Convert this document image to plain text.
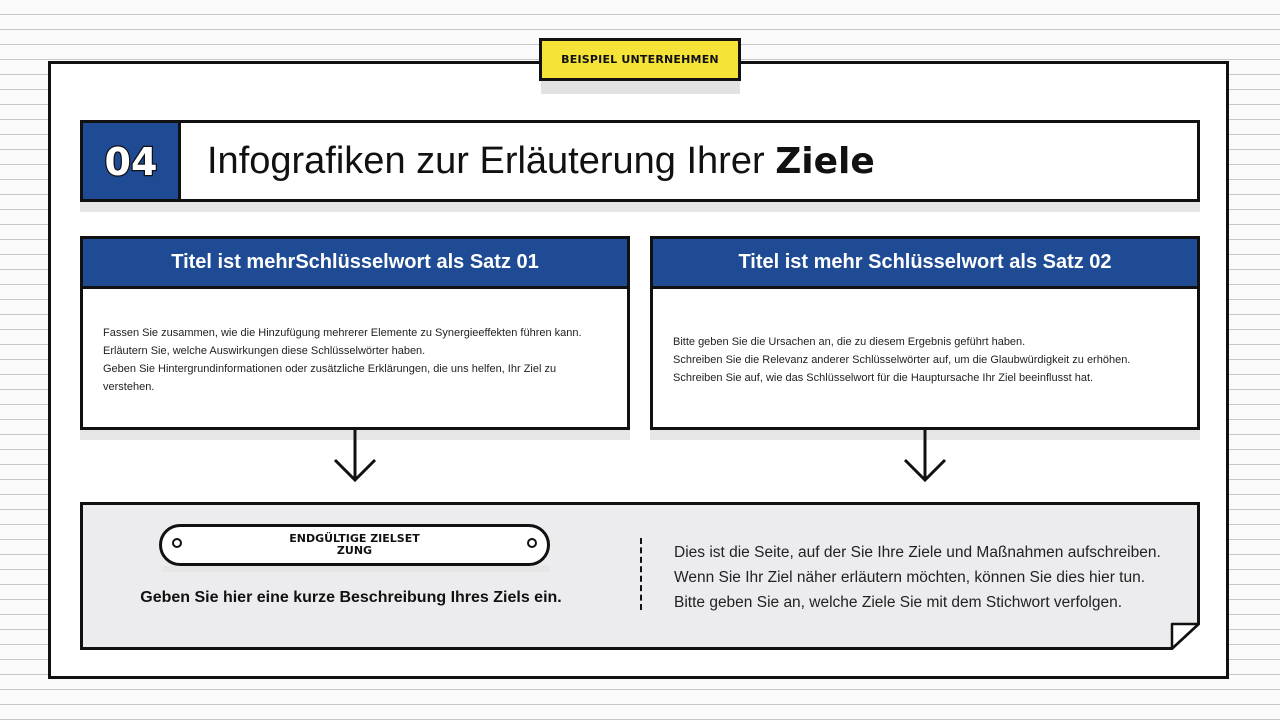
BEISPIEL UNTERNEHMEN
04 Infografiken zur Erläuterung Ihrer Ziele
Titel ist mehrSchlüsselwort als Satz 01
Fassen Sie zusammen, wie die Hinzufügung mehrerer Elemente zu Synergieeffekten führen kann.
Erläutern Sie, welche Auswirkungen diese Schlüsselwörter haben.
Geben Sie Hintergrundinformationen oder zusätzliche Erklärungen, die uns helfen, Ihr Ziel zu verstehen.
Titel ist mehr Schlüsselwort als Satz 02
Bitte geben Sie die Ursachen an, die zu diesem Ergebnis geführt haben.
Schreiben Sie die Relevanz anderer Schlüsselwörter auf, um die Glaubwürdigkeit zu erhöhen.
Schreiben Sie auf, wie das Schlüsselwort für die Hauptursache Ihr Ziel beeinflusst hat.
ENDGÜLTIGE ZIELSET
ZUNG
Geben Sie hier eine kurze Beschreibung Ihres Ziels ein.
Dies ist die Seite, auf der Sie Ihre Ziele und Maßnahmen aufschreiben.
Wenn Sie Ihr Ziel näher erläutern möchten, können Sie dies hier tun.
Bitte geben Sie an, welche Ziele Sie mit dem Stichwort verfolgen.
